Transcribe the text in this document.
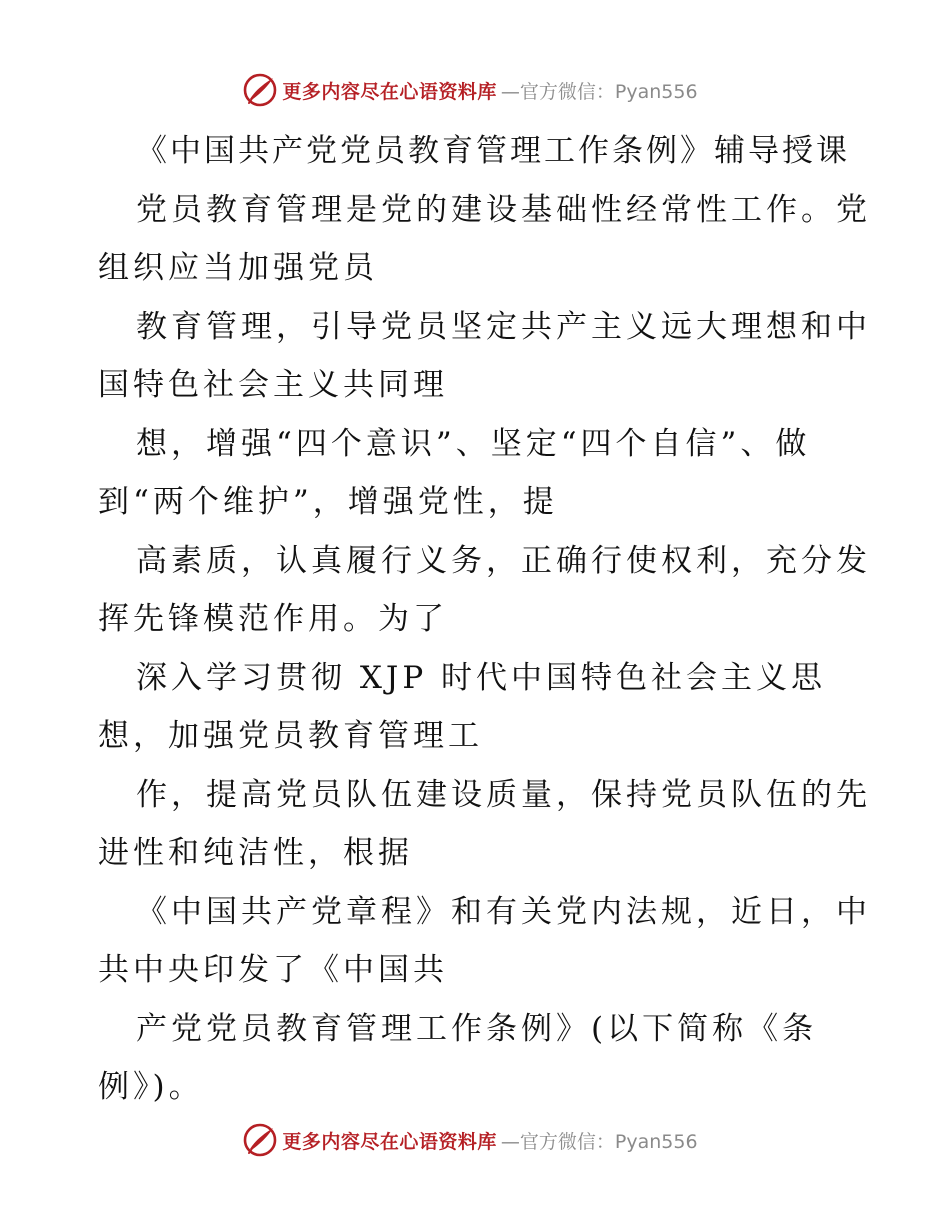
更多内容尽在心语资料库 —官方微信：Pyan556
《中国共产党党员教育管理工作条例》辅导授课
党员教育管理是党的建设基础性经常性工作。党
组织应当加强党员
教育管理，引导党员坚定共产主义远大理想和中
国特色社会主义共同理
想，增强“四个意识”、坚定“四个自信”、做
到“两个维护”，增强党性，提
高素质，认真履行义务，正确行使权利，充分发
挥先锋模范作用。为了
深入学习贯彻 XJP 时代中国特色社会主义思
想，加强党员教育管理工
作，提高党员队伍建设质量，保持党员队伍的先
进性和纯洁性，根据
《中国共产党章程》和有关党内法规，近日，中
共中央印发了《中国共
产党党员教育管理工作条例》(以下简称《条
例》)。
更多内容尽在心语资料库 —官方微信：Pyan556
